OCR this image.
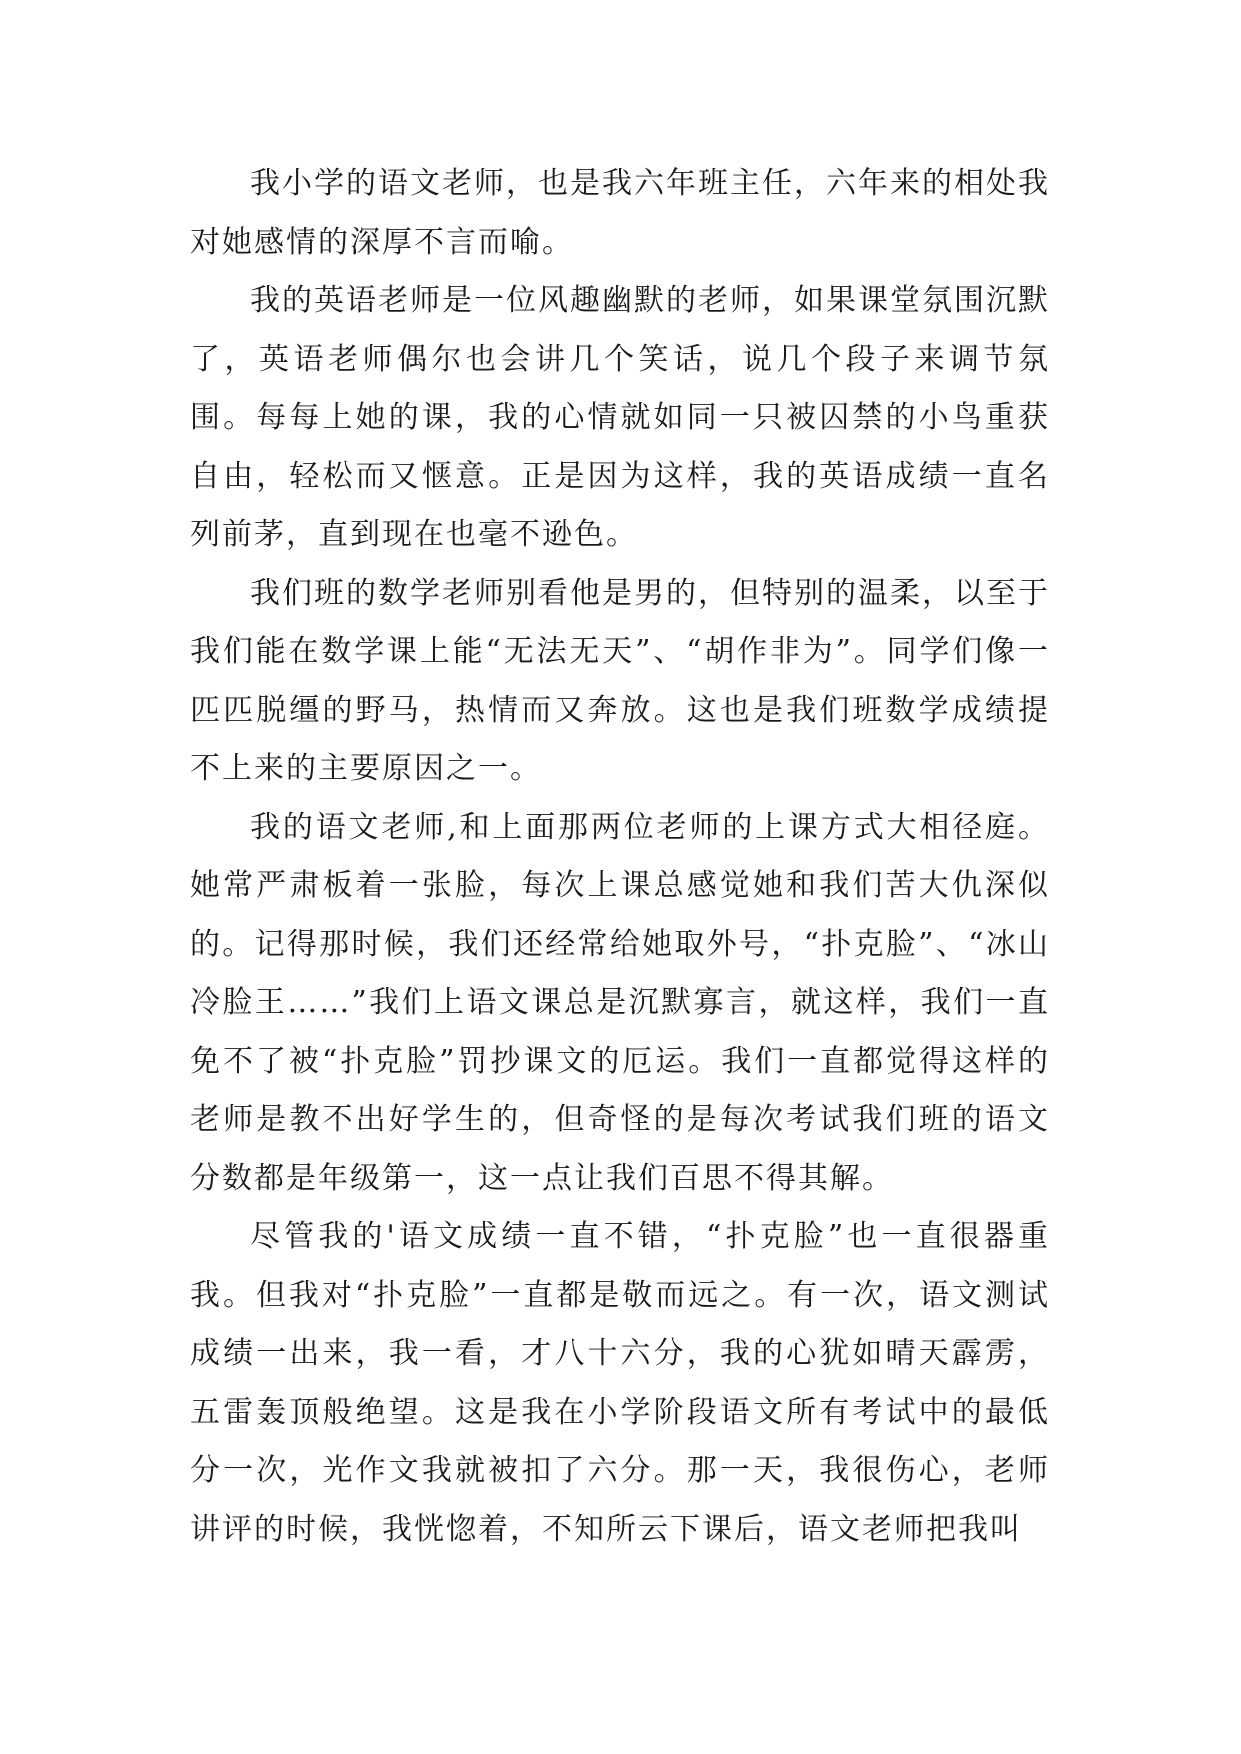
我小学的语文老师，也是我六年班主任，六年来的相处我对她感情的深厚不言而喻。

我的英语老师是一位风趣幽默的老师，如果课堂氛围沉默了，英语老师偶尔也会讲几个笑话，说几个段子来调节氛围。每每上她的课，我的心情就如同一只被囚禁的小鸟重获自由，轻松而又惬意。正是因为这样，我的英语成绩一直名列前茅，直到现在也毫不逊色。

我们班的数学老师别看他是男的，但特别的温柔，以至于我们能在数学课上能“无法无天”、“胡作非为”。同学们像一匹匹脱缰的野马，热情而又奔放。这也是我们班数学成绩提不上来的主要原因之一。

我的语文老师,和上面那两位老师的上课方式大相径庭。她常严肃板着一张脸，每次上课总感觉她和我们苦大仇深似的。记得那时候，我们还经常给她取外号，“扑克脸”、“冰山冷脸王……”我们上语文课总是沉默寡言，就这样，我们一直免不了被“扑克脸”罚抄课文的厄运。我们一直都觉得这样的老师是教不出好学生的，但奇怪的是每次考试我们班的语文分数都是年级第一，这一点让我们百思不得其解。

尽管我的'语文成绩一直不错，“扑克脸”也一直很器重我。但我对“扑克脸”一直都是敬而远之。有一次，语文测试成绩一出来，我一看，才八十六分，我的心犹如晴天霹雳，五雷轰顶般绝望。这是我在小学阶段语文所有考试中的最低分一次，光作文我就被扣了六分。那一天，我很伤心，老师讲评的时候，我恍惚着，不知所云下课后，语文老师把我叫
